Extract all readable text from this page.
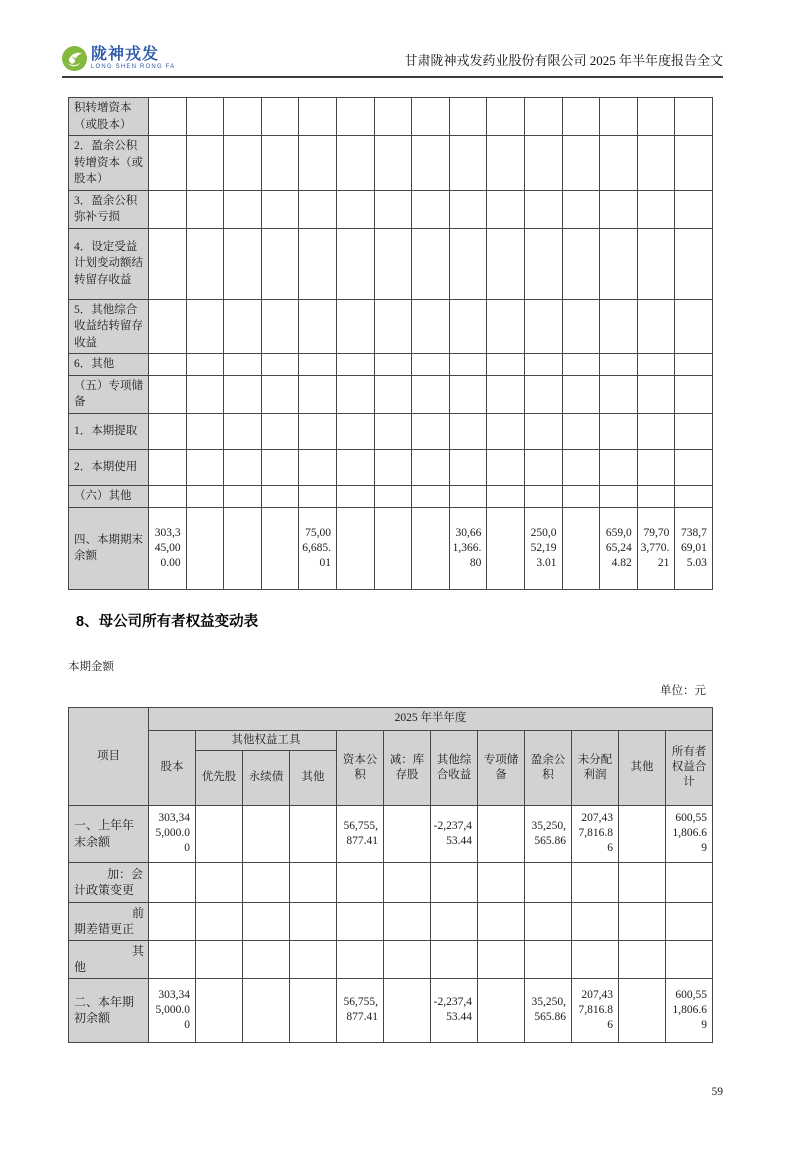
陇神戎发
LONG SHEN RONG FA	甘肃陇神戎发药业股份有限公司 2025 年半年度报告全文
积转增资本（或股本）															
2．盈余公积转增资本（或股本）															
3．盈余公积弥补亏损															
4．设定受益计划变动额结转留存收益															
5．其他综合收益结转留存收益															
6．其他															
（五）专项储备															
1．本期提取															
2．本期使用															
（六）其他															
四、本期期末余额	303,345,000.00				75,006,685.01				30,661,366.80		250,052,193.01		659,065,244.82	79,703,770.21	738,769,015.03
8、母公司所有者权益变动表
本期金额
单位：元
项目	2025 年半年度											
	股本	其他权益工具			资本公积	减：库存股	其他综合收益	专项储备	盈余公积	未分配利润	其他	所有者权益合计
		优先股	永续债	其他								
一、上年年末余额	303,345,000.00				56,755,877.41		-2,237,453.44		35,250,565.86	207,437,816.86		600,551,806.69
加：会计政策变更												
前期差错更正												
其他												
二、本年期初余额	303,345,000.00				56,755,877.41		-2,237,453.44		35,250,565.86	207,437,816.86		600,551,806.69
59
